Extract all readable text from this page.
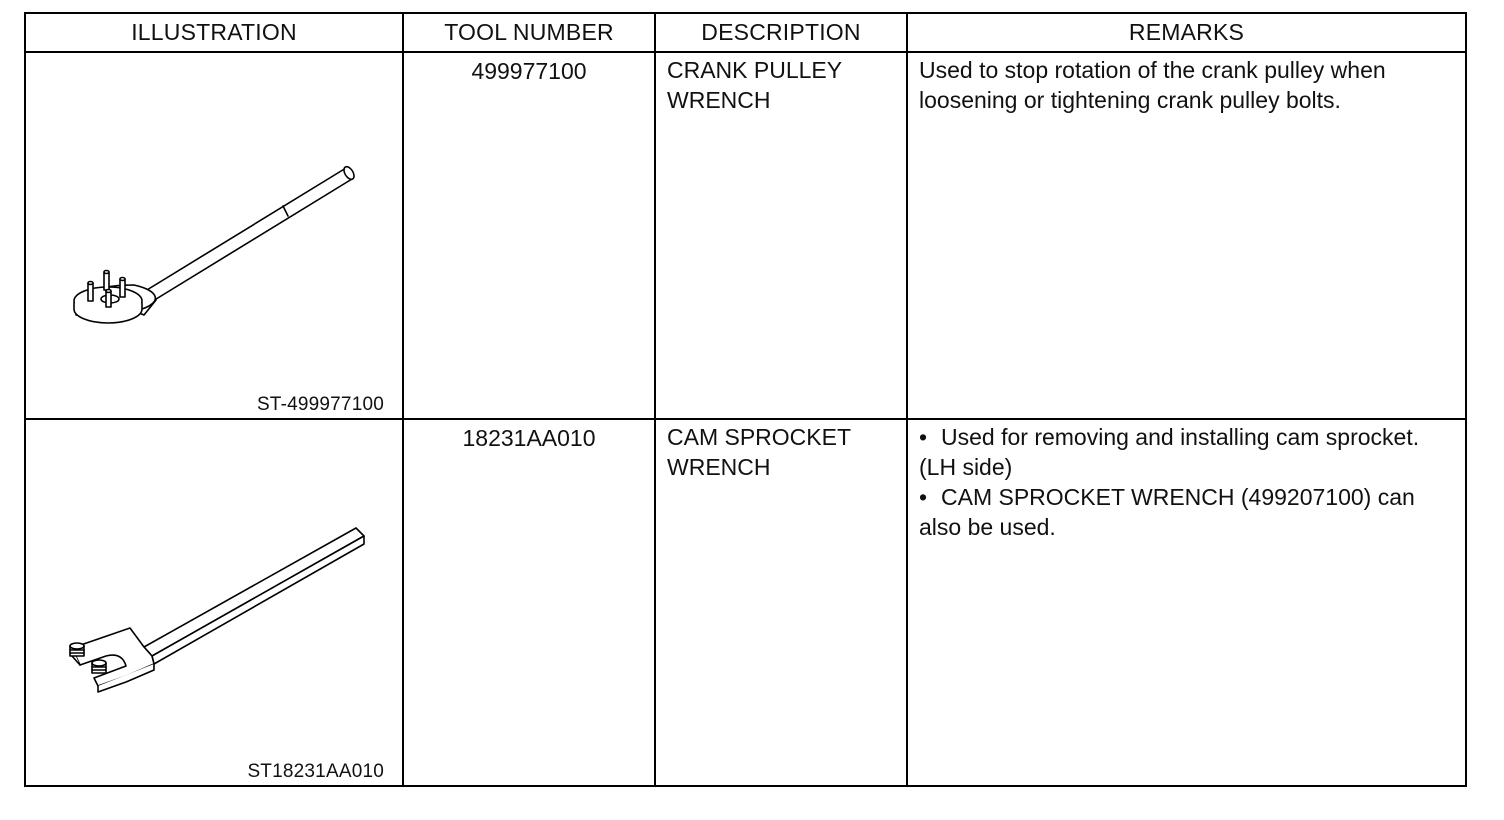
ILLUSTRATION	TOOL NUMBER	DESCRIPTION	REMARKS

ST-499977100	499977100	CRANK PULLEY
WRENCH	Used to stop rotation of the crank pulley when
loosening or tightening crank pulley bolts.

ST18231AA010	18231AA010	CAM SPROCKET
WRENCH	• Used for removing and installing cam sprocket.
(LH side)
• CAM SPROCKET WRENCH (499207100) can
also be used.
